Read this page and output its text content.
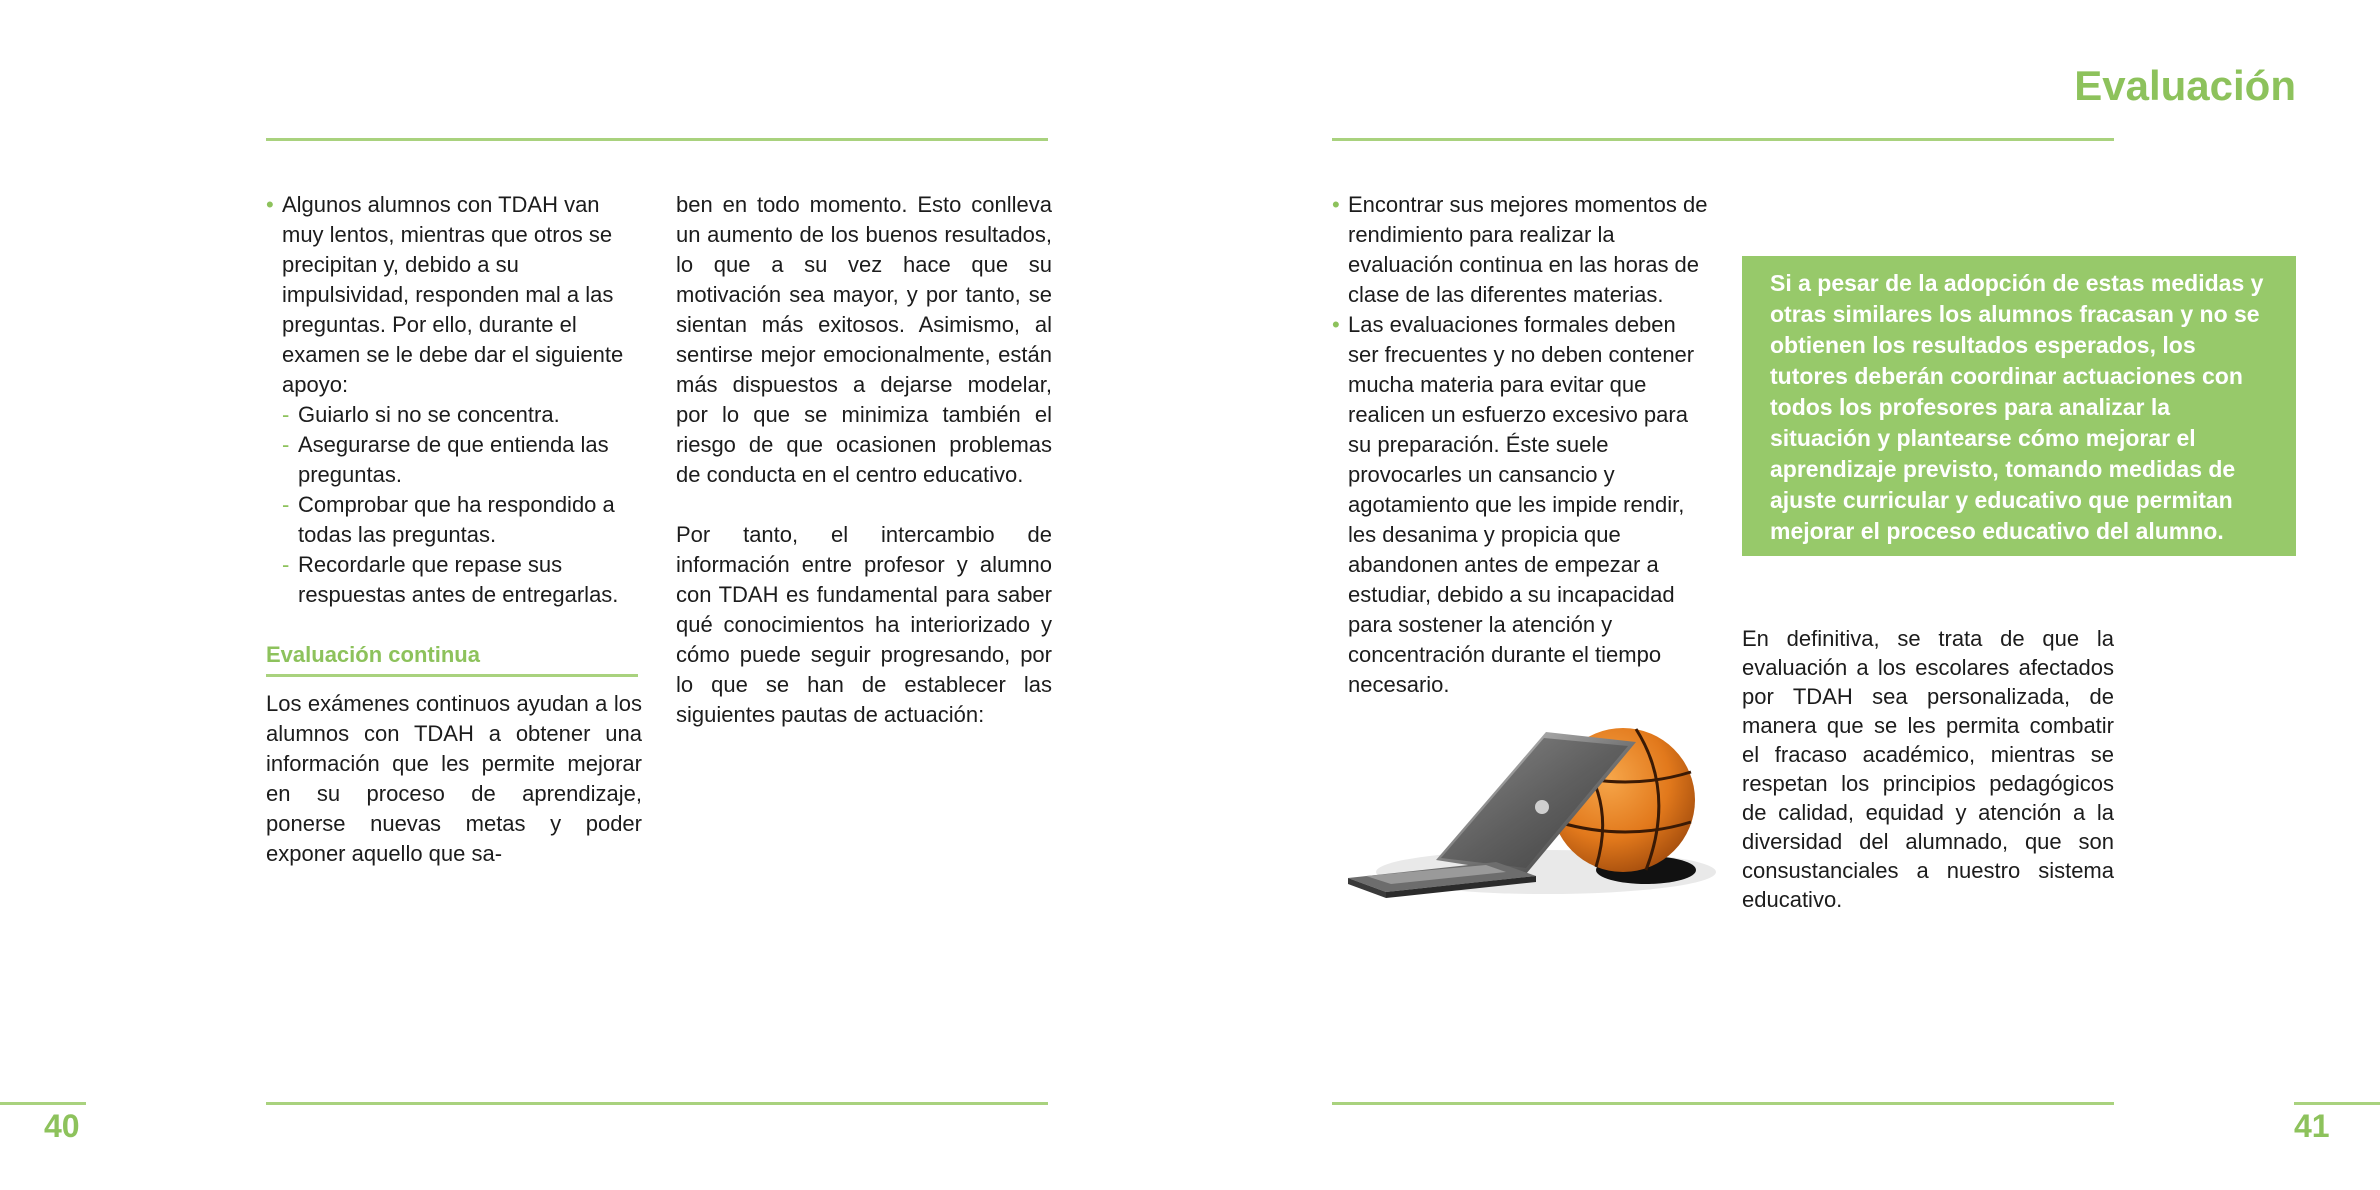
Evaluación
• Algunos alumnos con TDAH van muy lentos, mientras que otros se precipitan y, debido a su impulsividad, responden mal a las preguntas. Por ello, durante el examen se le debe dar el siguiente apoyo:
- Guiarlo si no se concentra.
- Asegurarse de que entienda las preguntas.
- Comprobar que ha respondido a todas las preguntas.
- Recordarle que repase sus respuestas antes de entregarlas.
Evaluación continua

Los exámenes continuos ayudan a los alumnos con TDAH a obtener una información que les permite mejorar en su proceso de aprendizaje, ponerse nuevas metas y poder exponer aquello que sa-

ben en todo momento. Esto conlleva un aumento de los buenos resultados, lo que a su vez hace que su motivación sea mayor, y por tanto, se sientan más exitosos. Asimismo, al sentirse mejor emocionalmente, están más dispuestos a dejarse modelar, por lo que se minimiza también el riesgo de que ocasionen problemas de conducta en el centro educativo.

Por tanto, el intercambio de información entre profesor y alumno con TDAH es fundamental para saber qué conocimientos ha interiorizado y cómo puede seguir progresando, por lo que se han de establecer las siguientes pautas de actuación:

• Encontrar sus mejores momentos de rendimiento para realizar la evaluación continua en las horas de clase de las diferentes materias.
• Las evaluaciones formales deben ser frecuentes y no deben contener mucha materia para evitar que realicen un esfuerzo excesivo para su preparación. Éste suele provocarles un cansancio y agotamiento que les impide rendir, les desanima y propicia que abandonen antes de empezar a estudiar, debido a su incapacidad para sostener la atención y concentración durante el tiempo necesario.
Si a pesar de la adopción de estas medidas y otras similares los alumnos fracasan y no se obtienen los resultados esperados, los tutores deberán coordinar actuaciones con todos los profesores para analizar la situación y plantearse cómo mejorar el aprendizaje previsto, tomando medidas de ajuste curricular y educativo que permitan mejorar el proceso educativo del alumno.

En definitiva, se trata de que la evaluación a los escolares afectados por TDAH sea personalizada, de manera que se les permita combatir el fracaso académico, mientras se respetan los principios pedagógicos de calidad, equidad y atención a la diversidad del alumnado, que son consustanciales a nuestro sistema educativo.

40	41
